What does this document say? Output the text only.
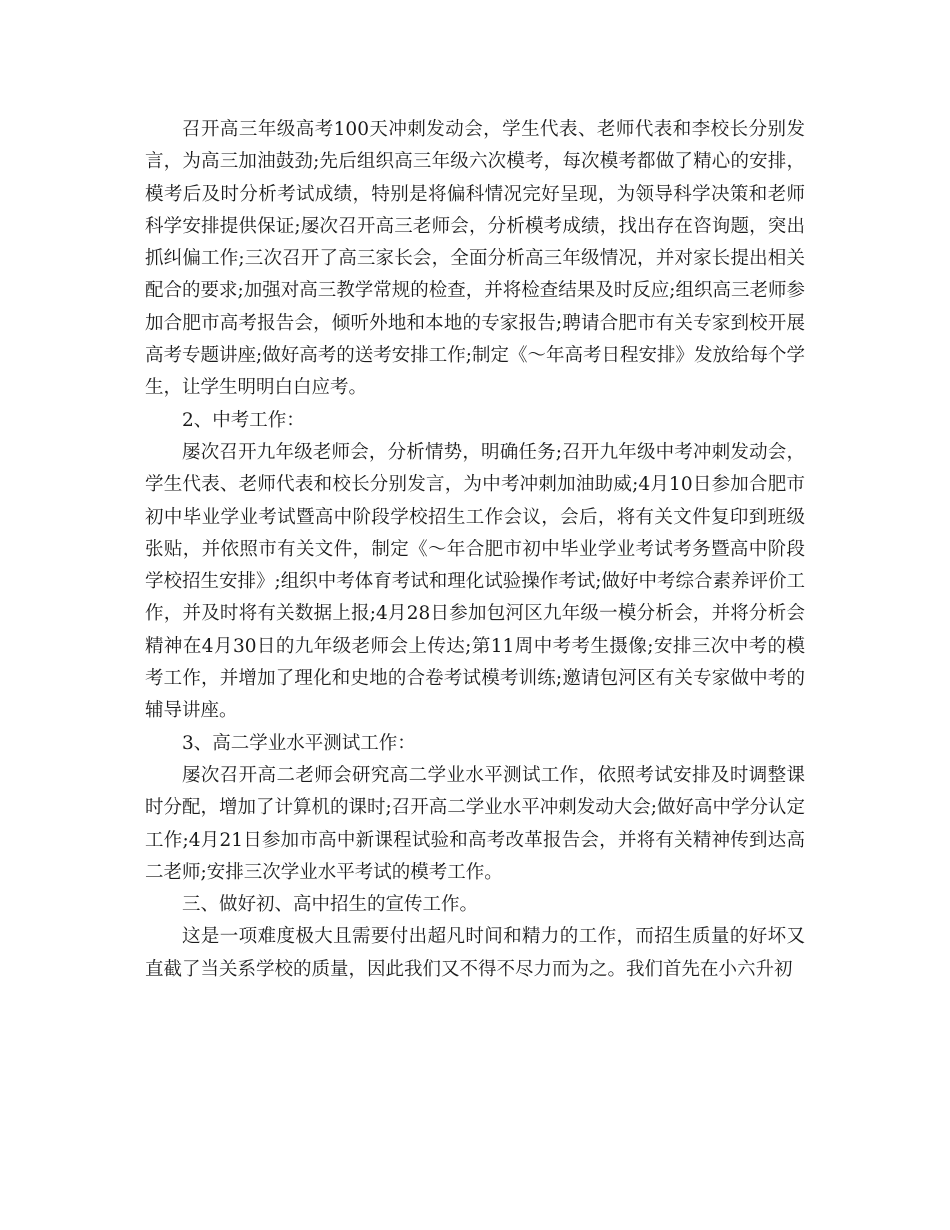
召开高三年级高考100天冲刺发动会，学生代表、老师代表和李校长分别发言，为高三加油鼓劲;先后组织高三年级六次模考，每次模考都做了精心的安排，模考后及时分析考试成绩，特别是将偏科情况完好呈现，为领导科学决策和老师科学安排提供保证;屡次召开高三老师会，分析模考成绩，找出存在咨询题，突出抓纠偏工作;三次召开了高三家长会，全面分析高三年级情况，并对家长提出相关配合的要求;加强对高三教学常规的检查，并将检查结果及时反应;组织高三老师参加合肥市高考报告会，倾听外地和本地的专家报告;聘请合肥市有关专家到校开展高考专题讲座;做好高考的送考安排工作;制定《～年高考日程安排》发放给每个学生，让学生明明白白应考。

2、中考工作：

屡次召开九年级老师会，分析情势，明确任务;召开九年级中考冲刺发动会，学生代表、老师代表和校长分别发言，为中考冲刺加油助威;4月10日参加合肥市初中毕业学业考试暨高中阶段学校招生工作会议，会后，将有关文件复印到班级张贴，并依照市有关文件，制定《～年合肥市初中毕业学业考试考务暨高中阶段学校招生安排》;组织中考体育考试和理化试验操作考试;做好中考综合素养评价工作，并及时将有关数据上报;4月28日参加包河区九年级一模分析会，并将分析会精神在4月30日的九年级老师会上传达;第11周中考考生摄像;安排三次中考的模考工作，并增加了理化和史地的合卷考试模考训练;邀请包河区有关专家做中考的辅导讲座。

3、高二学业水平测试工作：

屡次召开高二老师会研究高二学业水平测试工作，依照考试安排及时调整课时分配，增加了计算机的课时;召开高二学业水平冲刺发动大会;做好高中学分认定工作;4月21日参加市高中新课程试验和高考改革报告会，并将有关精神传到达高二老师;安排三次学业水平考试的模考工作。

三、做好初、高中招生的宣传工作。

这是一项难度极大且需要付出超凡时间和精力的工作，而招生质量的好坏又直截了当关系学校的质量，因此我们又不得不尽力而为之。我们首先在小六升初
